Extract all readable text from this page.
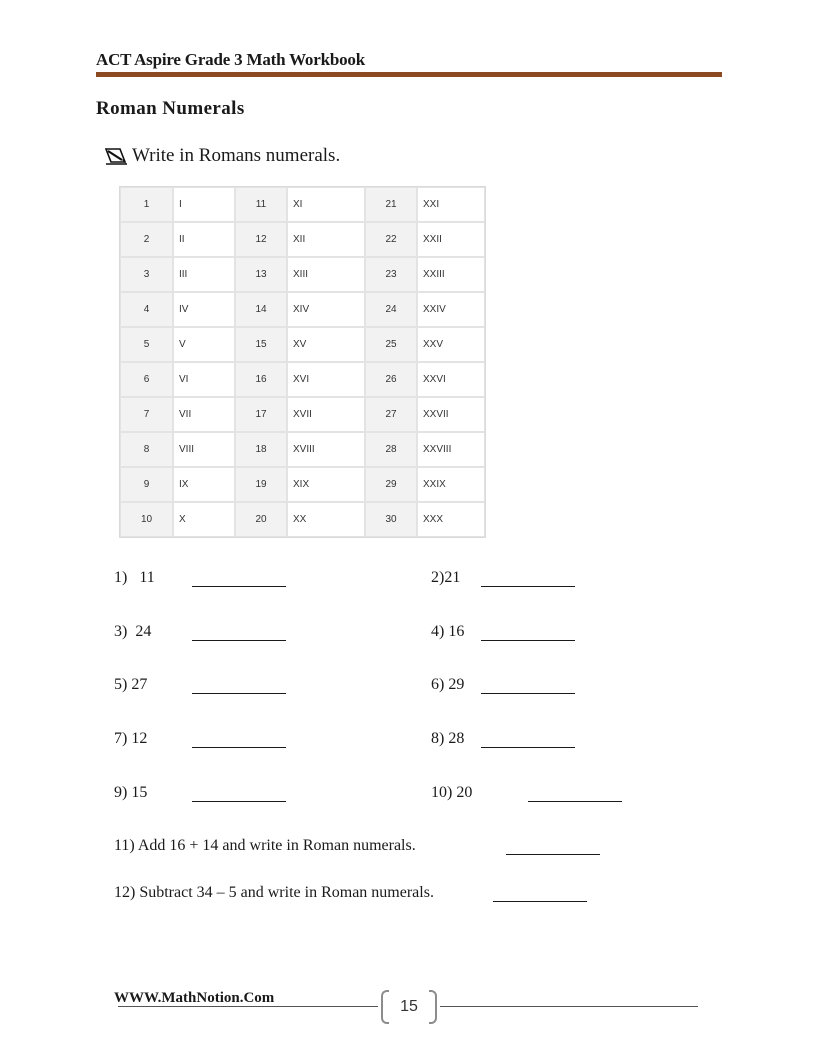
ACT Aspire Grade 3 Math Workbook
Roman Numerals
Write in Romans numerals.
1	I	11	XI	21	XXI
2	II	12	XII	22	XXII
3	III	13	XIII	23	XXIII
4	IV	14	XIV	24	XXIV
5	V	15	XV	25	XXV
6	VI	16	XVI	26	XXVI
7	VII	17	XVII	27	XXVII
8	VIII	18	XVIII	28	XXVIII
9	IX	19	XIX	29	XXIX
10	X	20	XX	30	XXX
1)   11	2)21
3)  24	4) 16
5) 27	6) 29
7) 12	8) 28
9) 15	10) 20
11) Add 16 + 14 and write in Roman numerals.
12) Subtract 34 – 5 and write in Roman numerals.
WWW.MathNotion.Com	15
